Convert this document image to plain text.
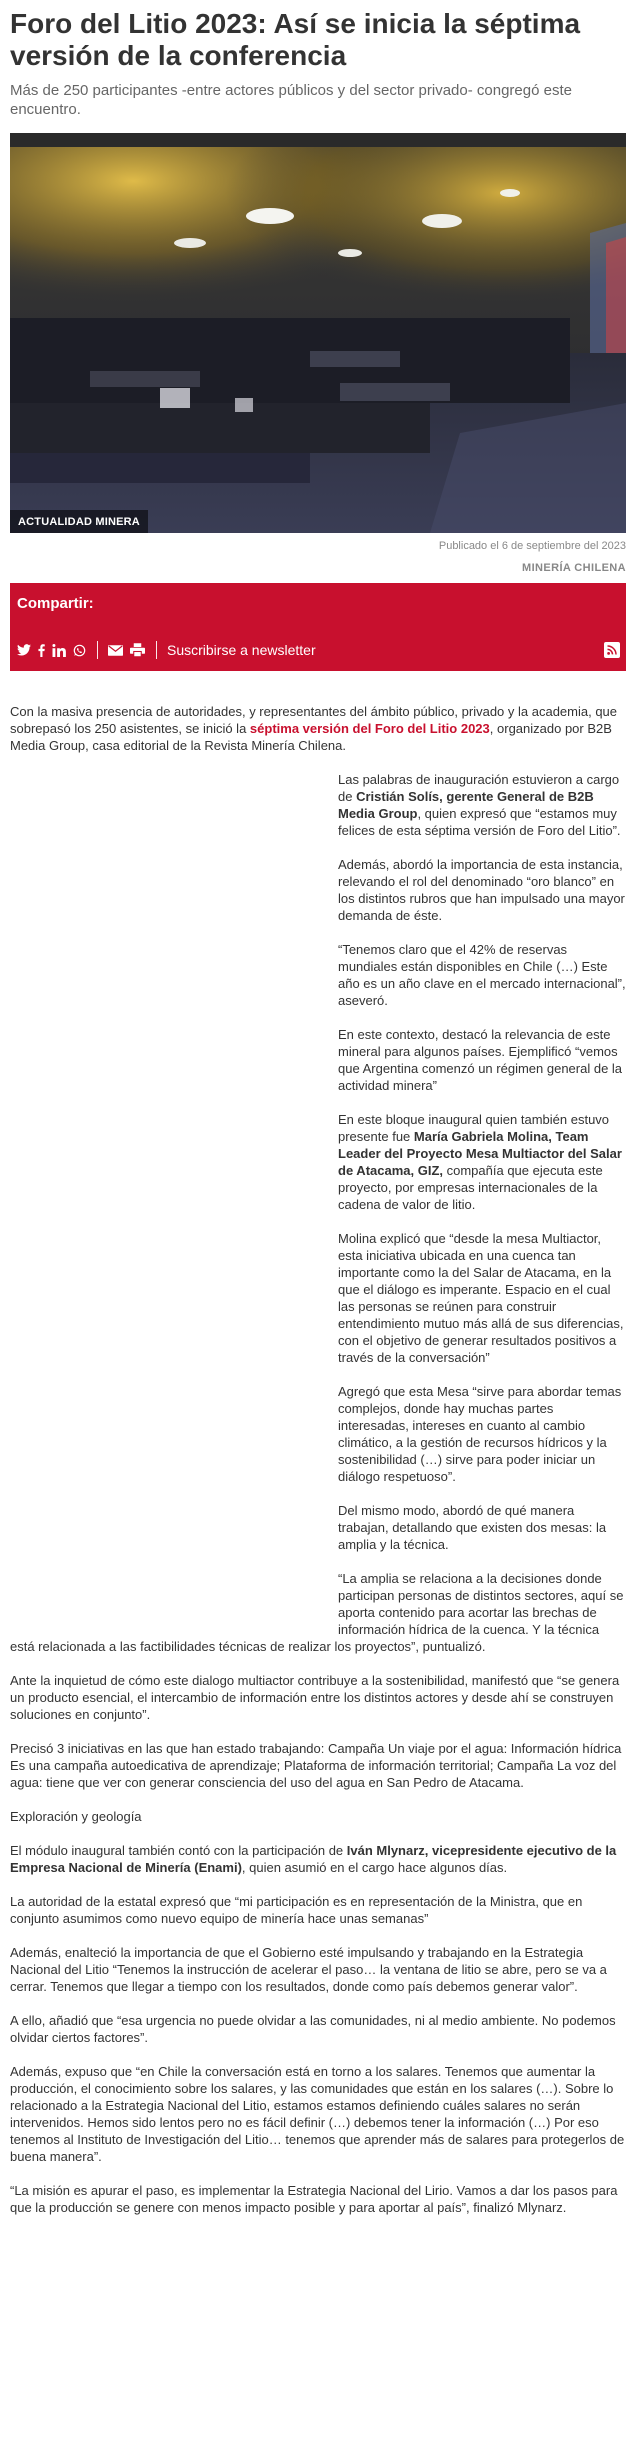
Foro del Litio 2023: Así se inicia la séptima versión de la conferencia

Más de 250 participantes -entre actores públicos y del sector privado- congregó este encuentro.

ACTUALIDAD MINERA
Publicado el 6 de septiembre del 2023
MINERÍA CHILENA
Compartir:
Suscribirse a newsletter

Con la masiva presencia de autoridades, y representantes del ámbito público, privado y la academia, que sobrepasó los 250 asistentes, se inició la séptima versión del Foro del Litio 2023, organizado por B2B Media Group, casa editorial de la Revista Minería Chilena.

Las palabras de inauguración estuvieron a cargo de Cristián Solís, gerente General de B2B Media Group, quien expresó que “estamos muy felices de esta séptima versión de Foro del Litio”.

Además, abordó la importancia de esta instancia, relevando el rol del denominado “oro blanco” en los distintos rubros que han impulsado una mayor demanda de éste.

“Tenemos claro que el 42% de reservas mundiales están disponibles en Chile (…) Este año es un año clave en el mercado internacional”, aseveró.

En este contexto, destacó la relevancia de este mineral para algunos países. Ejemplificó “vemos que Argentina comenzó un régimen general de la actividad minera”

En este bloque inaugural quien también estuvo presente fue María Gabriela Molina, Team Leader del Proyecto Mesa Multiactor del Salar de Atacama, GIZ, compañía que ejecuta este proyecto, por empresas internacionales de la cadena de valor de litio.

Molina explicó que “desde la mesa Multiactor, esta iniciativa ubicada en una cuenca tan importante como la del Salar de Atacama, en la que el diálogo es imperante. Espacio en el cual las personas se reúnen para construir entendimiento mutuo más allá de sus diferencias, con el objetivo de generar resultados positivos a través de la conversación”

Agregó que esta Mesa “sirve para abordar temas complejos, donde hay muchas partes interesadas, intereses en cuanto al cambio climático, a la gestión de recursos hídricos y la sostenibilidad (…) sirve para poder iniciar un diálogo respetuoso”.

Del mismo modo, abordó de qué manera trabajan, detallando que existen dos mesas: la amplia y la técnica.

“La amplia se relaciona a la decisiones donde participan personas de distintos sectores, aquí se aporta contenido para acortar las brechas de información hídrica de la cuenca. Y la técnica está relacionada a las factibilidades técnicas de realizar los proyectos”, puntualizó.

Ante la inquietud de cómo este dialogo multiactor contribuye a la sostenibilidad, manifestó que “se genera un producto esencial, el intercambio de información entre los distintos actores y desde ahí se construyen soluciones en conjunto”.

Precisó 3 iniciativas en las que han estado trabajando: Campaña Un viaje por el agua: Información hídrica Es una campaña autoedicativa de aprendizaje; Plataforma de información territorial; Campaña La voz del agua: tiene que ver con generar consciencia del uso del agua en San Pedro de Atacama.

Exploración y geología

El módulo inaugural también contó con la participación de Iván Mlynarz, vicepresidente ejecutivo de la Empresa Nacional de Minería (Enami), quien asumió en el cargo hace algunos días.

La autoridad de la estatal expresó que “mi participación es en representación de la Ministra, que en conjunto asumimos como nuevo equipo de minería hace unas semanas”

Además, enalteció la importancia de que el Gobierno esté impulsando y trabajando en la Estrategia Nacional del Litio “Tenemos la instrucción de acelerar el paso… la ventana de litio se abre, pero se va a cerrar. Tenemos que llegar a tiempo con los resultados, donde como país debemos generar valor”.

A ello, añadió que “esa urgencia no puede olvidar a las comunidades, ni al medio ambiente. No podemos olvidar ciertos factores”.

Además, expuso que “en Chile la conversación está en torno a los salares. Tenemos que aumentar la producción, el conocimiento sobre los salares, y las comunidades que están en los salares (…). Sobre lo relacionado a la Estrategia Nacional del Litio, estamos estamos definiendo cuáles salares no serán intervenidos. Hemos sido lentos pero no es fácil definir (…) debemos tener la información (…) Por eso tenemos al Instituto de Investigación del Litio… tenemos que aprender más de salares para protegerlos de buena manera”.

“La misión es apurar el paso, es implementar la Estrategia Nacional del Lirio. Vamos a dar los pasos para que la producción se genere con menos impacto posible y para aportar al país”, finalizó Mlynarz.
